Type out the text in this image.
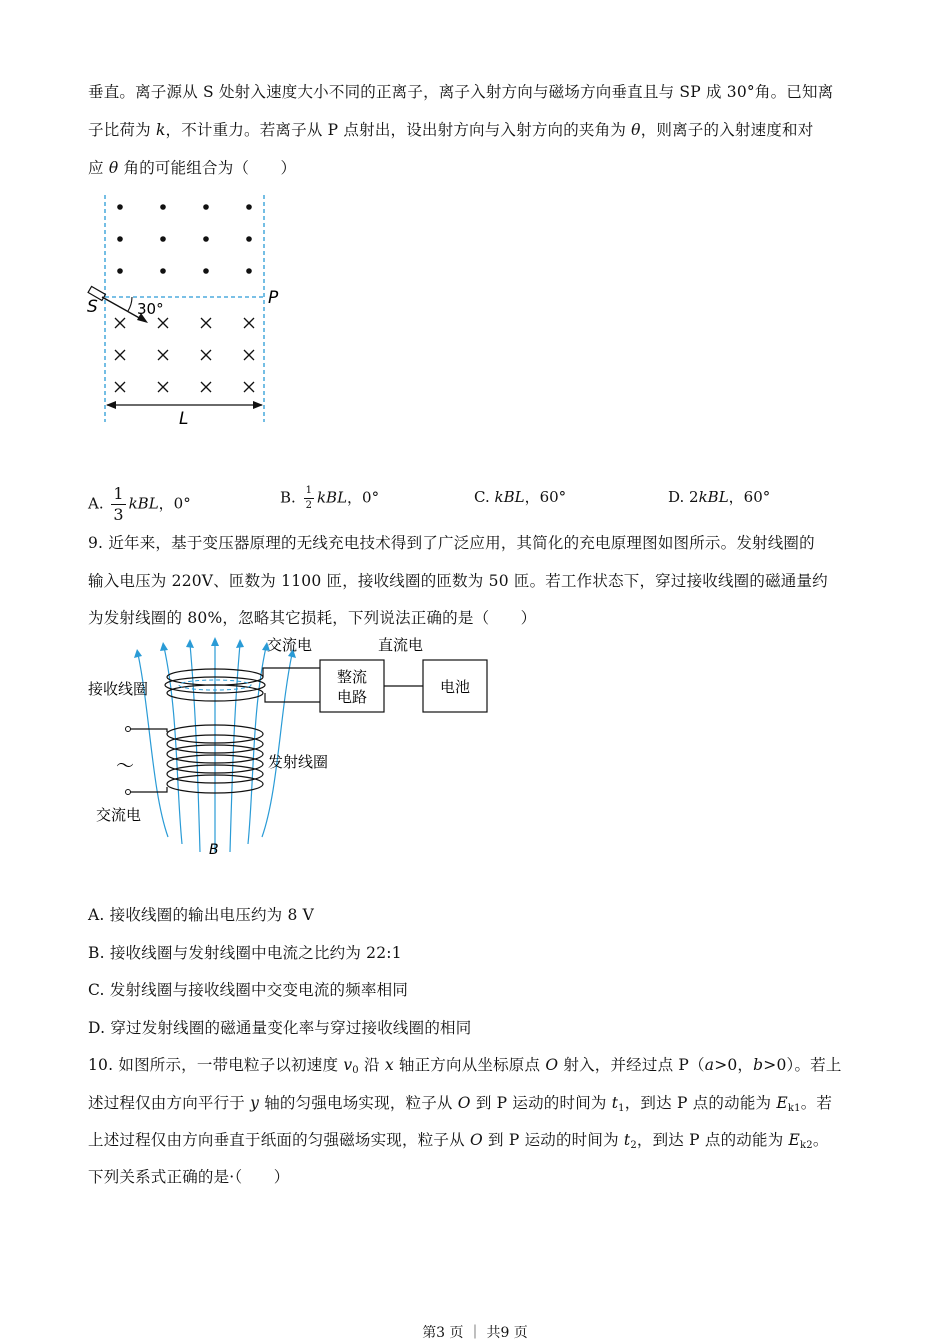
垂直。离子源从 S 处射入速度大小不同的正离子，离子入射方向与磁场方向垂直且与 SP 成 30°角。已知离
子比荷为 k，不计重力。若离子从 P 点射出，设出射方向与入射方向的夹角为 θ，则离子的入射速度和对
应 θ 角的可能组合为（　　）
S	30°
P
L
A. $\frac{1}{3}$ kBL，0°	B. $\frac{1}{2}$ kBL，0°	C. kBL，60°	D. 2kBL，60°
9. 近年来，基于变压器原理的无线充电技术得到了广泛应用，其简化的充电原理图如图所示。发射线圈的
输入电压为 220V、匝数为 1100 匝，接收线圈的匝数为 50 匝。若工作状态下，穿过接收线圈的磁通量约
为发射线圈的 80%，忽略其它损耗，下列说法正确的是（　　）
交流电	直流电
接收线圈
整流
电路
电池
～	发射线圈
交流电
B
A. 接收线圈的输出电压约为 8 V
B. 接收线圈与发射线圈中电流之比约为 22:1
C. 发射线圈与接收线圈中交变电流的频率相同
D. 穿过发射线圈的磁通量变化率与穿过接收线圈的相同
10. 如图所示，一带电粒子以初速度 $v_0$ 沿 x 轴正方向从坐标原点 O 射入，并经过点 P（a>0，b>0）。若上
述过程仅由方向平行于 y 轴的匀强电场实现，粒子从 O 到 P 运动的时间为 $t_1$，到达 P 点的动能为 $E_{k1}$。若
上述过程仅由方向垂直于纸面的匀强磁场实现，粒子从 O 到 P 运动的时间为 $t_2$，到达 P 点的动能为 $E_{k2}$。
下列关系式正确的是·（　　）
第3 页 ｜ 共9 页
